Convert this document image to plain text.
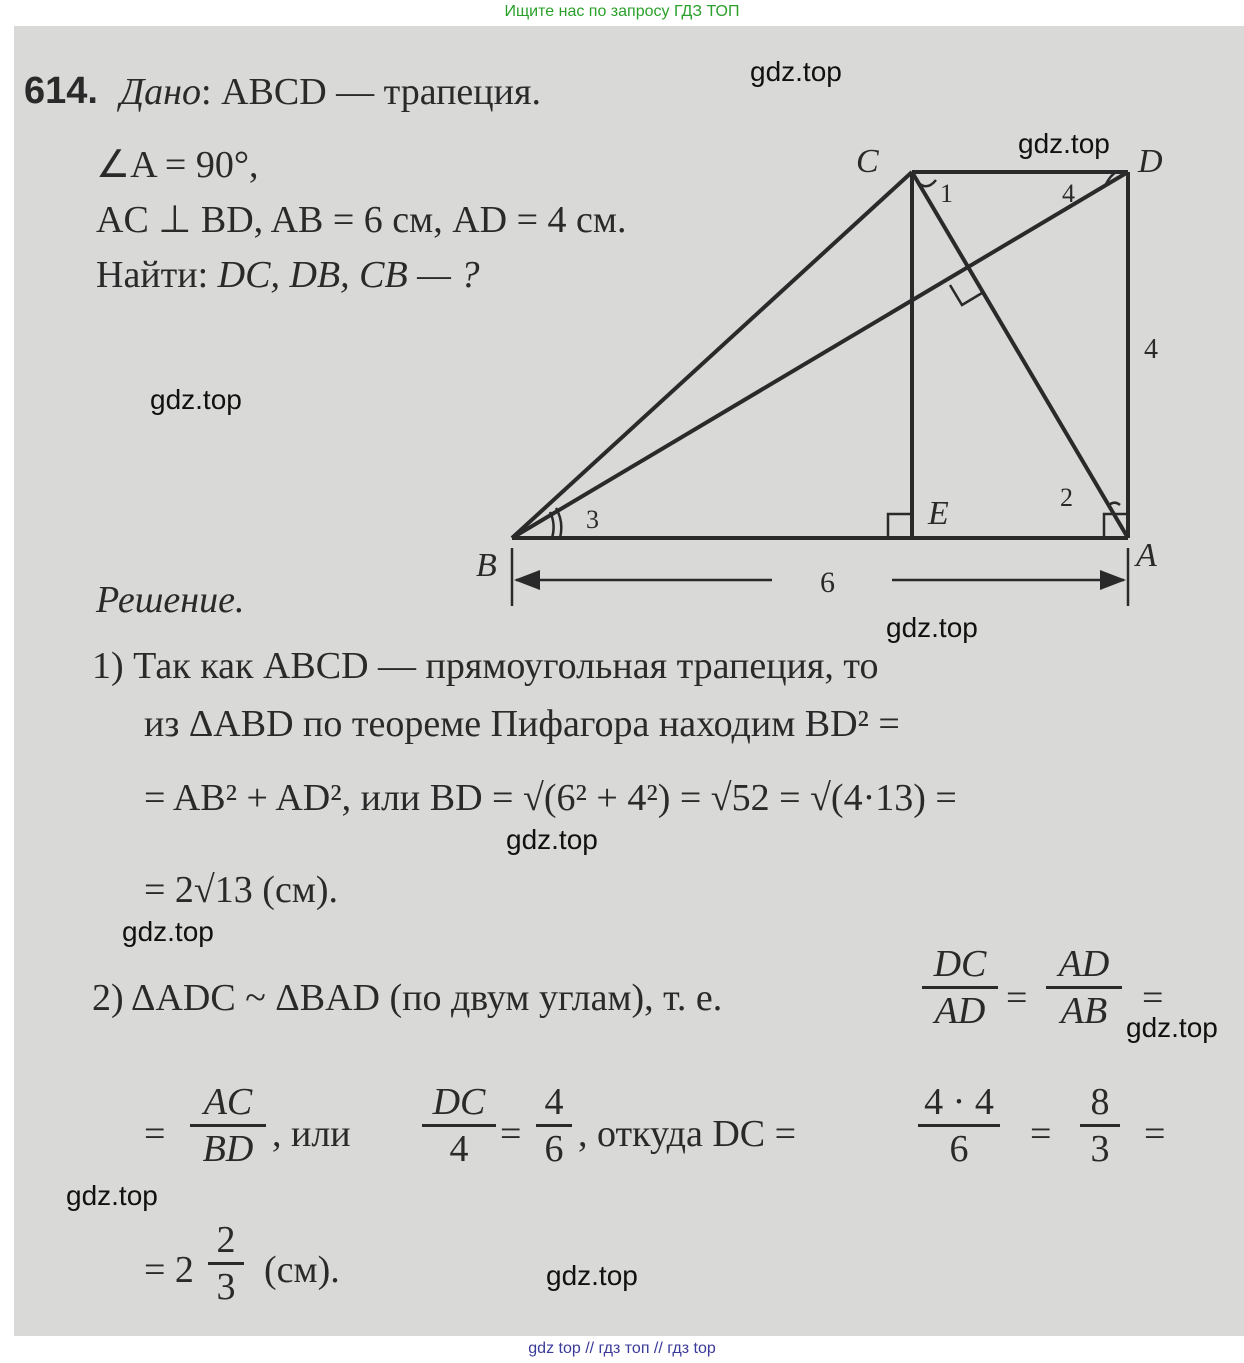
Ищите нас по запросу ГДЗ ТОП
614. Дано: ABCD — трапеция.
∠A = 90°,
AC ⊥ BD, AB = 6 см, AD = 4 см.
Найти: DC, DB, CB — ?
C	D
B	A
E
1	4
2
3
4
6
Решение.
1) Так как ABCD — прямоугольная трапеция, то
из ΔABD по теореме Пифагора находим BD² =
= AB² + AD², или BD = √(6² + 4²) = √52 = √(4·13) =
= 2√13 (см).
2) ΔADC ~ ΔBAD (по двум углам), т. е.	$\frac{DC}{AD} = \frac{AD}{AB}$ =
= $\frac{AC}{BD}$ , или $\frac{DC}{4} = \frac{4}{6}$ , откуда DC =	$\frac{4 \cdot 4}{6} = \frac{8}{3}$ =
= $2 \frac{2}{3} (см)$.
gdz.top
gdz.top
gdz.top
gdz.top
gdz.top
gdz.top
gdz.top
gdz.top
gdz.top
gdz top // гдз топ // гдз top
